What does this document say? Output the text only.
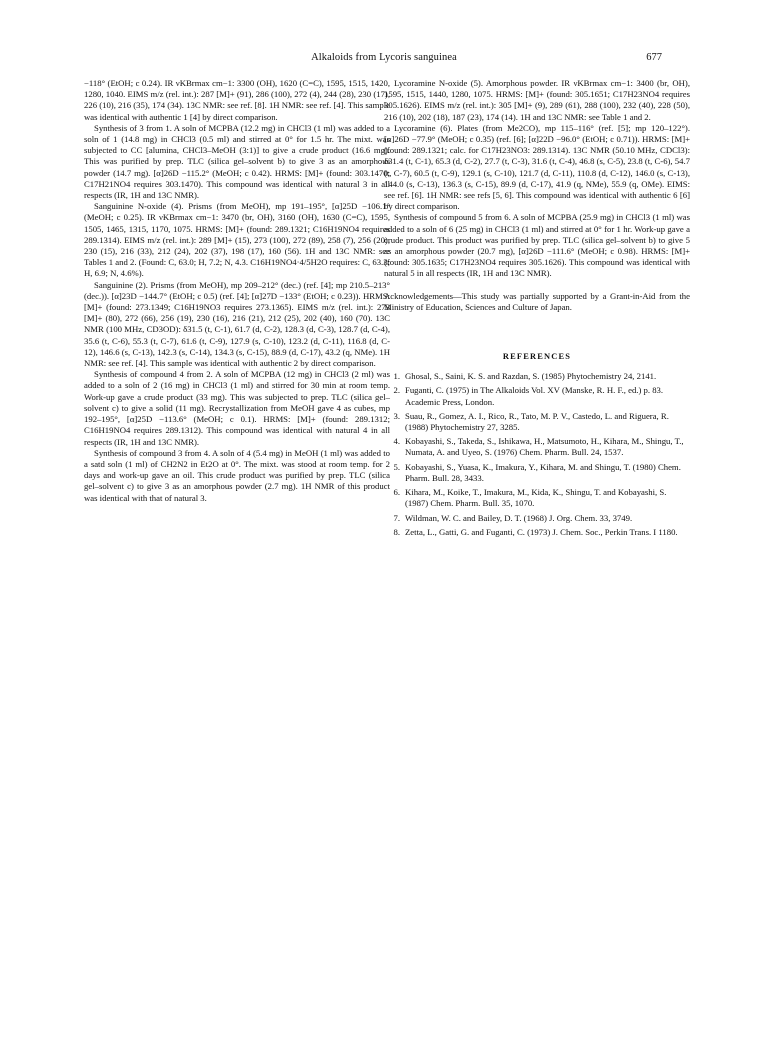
Alkaloids from Lycoris sanguinea	677

−118° (EtOH; c 0.24). IR νKBrmax cm−1: 3300 (OH), 1620 (C=C), 1595, 1515, 1420, 1280, 1040. EIMS m/z (rel. int.): 287 [M]+ (91), 286 (100), 272 (4), 244 (28), 230 (17), 226 (10), 216 (35), 174 (34). 13C NMR: see ref. [8]. 1H NMR: see ref. [4]. This sample was identical with authentic 1 [4] by direct comparison.

Synthesis of 3 from 1. A soln of MCPBA (12.2 mg) in CHCl3 (1 ml) was added to a soln of 1 (14.8 mg) in CHCl3 (0.5 ml) and stirred at 0° for 1.5 hr. The mixt. was subjected to CC [alumina, CHCl3–MeOH (3:1)] to give a crude product (16.6 mg). This was purified by prep. TLC (silica gel–solvent b) to give 3 as an amorphous powder (14.7 mg). [α]26D −115.2° (MeOH; c 0.42). HRMS: [M]+ (found: 303.1470; C17H21NO4 requires 303.1470). This compound was identical with natural 3 in all respects (IR, 1H and 13C NMR).

Sanguinine N-oxide (4). Prisms (from MeOH), mp 191–195°, [α]25D −106.1° (MeOH; c 0.25). IR νKBrmax cm−1: 3470 (br, OH), 3160 (OH), 1630 (C=C), 1595, 1505, 1465, 1315, 1170, 1075. HRMS: [M]+ (found: 289.1321; C16H19NO4 requires 289.1314). EIMS m/z (rel. int.): 289 [M]+ (15), 273 (100), 272 (89), 258 (7), 256 (20), 230 (15), 216 (33), 212 (24), 202 (37), 198 (17), 160 (56). 1H and 13C NMR: see Tables 1 and 2. (Found: C, 63.0; H, 7.2; N, 4.3. C16H19NO4·4/5H2O requires: C, 63.3; H, 6.9; N, 4.6%).

Sanguinine (2). Prisms (from MeOH), mp 209–212° (dec.) (ref. [4]; mp 210.5–213° (dec.)). [α]23D −144.7° (EtOH; c 0.5) (ref. [4]; [α]27D −133° (EtOH; c 0.23)). HRMS: [M]+ (found: 273.1349; C16H19NO3 requires 273.1365). EIMS m/z (rel. int.): 273 [M]+ (80), 272 (66), 256 (19), 230 (16), 216 (21), 212 (25), 202 (40), 160 (70). 13C NMR (100 MHz, CD3OD): δ31.5 (t, C-1), 61.7 (d, C-2), 128.3 (d, C-3), 128.7 (d, C-4), 35.6 (t, C-6), 55.3 (t, C-7), 61.6 (t, C-9), 127.9 (s, C-10), 123.2 (d, C-11), 116.8 (d, C-12), 146.6 (s, C-13), 142.3 (s, C-14), 134.3 (s, C-15), 88.9 (d, C-17), 43.2 (q, NMe). 1H NMR: see ref. [4]. This sample was identical with authentic 2 by direct comparison.

Synthesis of compound 4 from 2. A soln of MCPBA (12 mg) in CHCl3 (2 ml) was added to a soln of 2 (16 mg) in CHCl3 (1 ml) and stirred for 30 min at room temp. Work-up gave a crude product (33 mg). This was subjected to prep. TLC (silica gel–solvent c) to give a solid (11 mg). Recrystallization from MeOH gave 4 as cubes, mp 192–195°, [α]25D −113.6° (MeOH; c 0.1). HRMS: [M]+ (found: 289.1312; C16H19NO4 requires 289.1312). This compound was identical with natural 4 in all respects (IR, 1H and 13C NMR).

Synthesis of compound 3 from 4. A soln of 4 (5.4 mg) in MeOH (1 ml) was added to a satd soln (1 ml) of CH2N2 in Et2O at 0°. The mixt. was stood at room temp. for 2 days and work-up gave an oil. This crude product was purified by prep. TLC (silica gel–solvent c) to give 3 as an amorphous powder (2.7 mg). 1H NMR of this product was identical with that of natural 3.

Lycoramine N-oxide (5). Amorphous powder. IR νKBrmax cm−1: 3400 (br, OH), 1595, 1515, 1440, 1280, 1075. HRMS: [M]+ (found: 305.1651; C17H23NO4 requires 305.1626). EIMS m/z (rel. int.): 305 [M]+ (9), 289 (61), 288 (100), 232 (40), 228 (50), 216 (10), 202 (18), 187 (23), 174 (14). 1H and 13C NMR: see Table 1 and 2.

Lycoramine (6). Plates (from Me2CO), mp 115–116° (ref. [5]; mp 120–122°). [α]26D −77.9° (MeOH; c 0.35) (ref. [6]; [α]22D −96.0° (EtOH; c 0.71)). HRMS: [M]+ (found: 289.1321; calc. for C17H23NO3: 289.1314). 13C NMR (50.10 MHz, CDCl3): δ31.4 (t, C-1), 65.3 (d, C-2), 27.7 (t, C-3), 31.6 (t, C-4), 46.8 (s, C-5), 23.8 (t, C-6), 54.7 (t, C-7), 60.5 (t, C-9), 129.1 (s, C-10), 121.7 (d, C-11), 110.8 (d, C-12), 146.0 (s, C-13), 144.0 (s, C-13), 136.3 (s, C-15), 89.9 (d, C-17), 41.9 (q, NMe), 55.9 (q, OMe). EIMS: see ref. [6]. 1H NMR: see refs [5, 6]. This compound was identical with authentic 6 [6] by direct comparison.

Synthesis of compound 5 from 6. A soln of MCPBA (25.9 mg) in CHCl3 (1 ml) was added to a soln of 6 (25 mg) in CHCl3 (1 ml) and stirred at 0° for 1 hr. Work-up gave a crude product. This product was purified by prep. TLC (silica gel–solvent b) to give 5 as an amorphous powder (20.7 mg), [α]26D −111.6° (MeOH; c 0.98). HRMS: [M]+ (found: 305.1635; C17H23NO4 requires 305.1626). This compound was identical with natural 5 in all respects (IR, 1H and 13C NMR).

Acknowledgements—This study was partially supported by a Grant-in-Aid from the Ministry of Education, Sciences and Culture of Japan.

REFERENCES
1. Ghosal, S., Saini, K. S. and Razdan, S. (1985) Phytochemistry 24, 2141.
2. Fuganti, C. (1975) in The Alkaloids Vol. XV (Manske, R. H. F., ed.) p. 83. Academic Press, London.
3. Suau, R., Gomez, A. I., Rico, R., Tato, M. P. V., Castedo, L. and Riguera, R. (1988) Phytochemistry 27, 3285.
4. Kobayashi, S., Takeda, S., Ishikawa, H., Matsumoto, H., Kihara, M., Shingu, T., Numata, A. and Uyeo, S. (1976) Chem. Pharm. Bull. 24, 1537.
5. Kobayashi, S., Yuasa, K., Imakura, Y., Kihara, M. and Shingu, T. (1980) Chem. Pharm. Bull. 28, 3433.
6. Kihara, M., Koike, T., Imakura, M., Kida, K., Shingu, T. and Kobayashi, S. (1987) Chem. Pharm. Bull. 35, 1070.
7. Wildman, W. C. and Bailey, D. T. (1968) J. Org. Chem. 33, 3749.
8. Zetta, L., Gatti, G. and Fuganti, C. (1973) J. Chem. Soc., Perkin Trans. I 1180.
